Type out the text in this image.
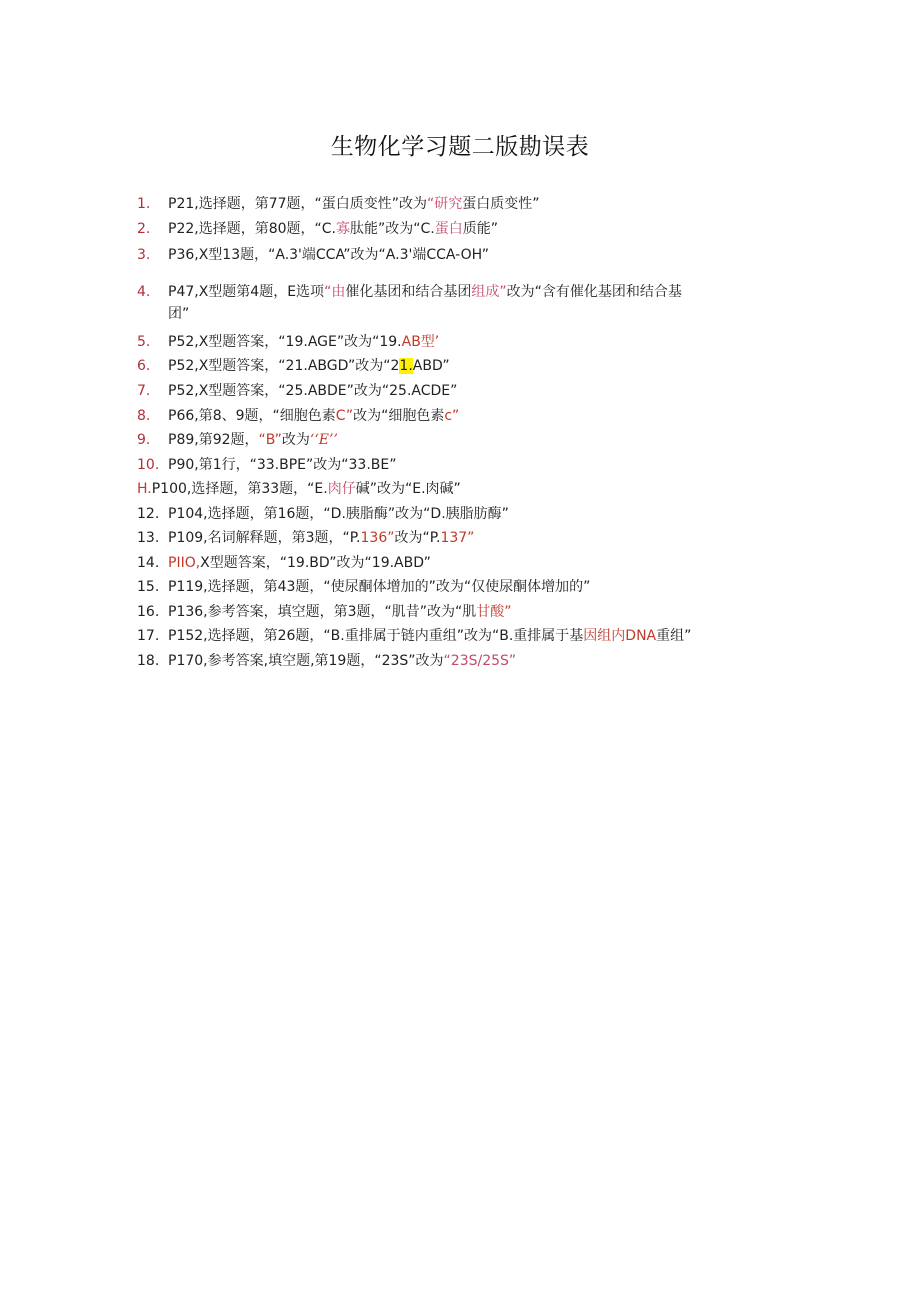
生物化学习题二版勘误表
1. P21,选择题，第77题，“蛋白质变性”改为“研究蛋白质变性”
2. P22,选择题，第80题，“C.寡肽能”改为“C.蛋白质能”
3. P36,X型13题，“A.3'端CCA”改为“A.3'端CCA-OH”
4. P47,X型题第4题，E选项“由催化基团和结合基团组成”改为“含有催化基团和结合基
团”
5. P52,X型题答案，“19.AGE”改为“19.AB型’
6. P52,X型题答案，“21.ABGD”改为“21.ABD”
7. P52,X型题答案，“25.ABDE”改为“25.ACDE”
8. P66,第8、9题，“细胞色素C”改为“细胞色素c”
9. P89,第92题，“B”改为‘‘E’’
10. P90,第1行，“33.BPE”改为“33.BE”
H.P100,选择题，第33题，“E.肉仔碱”改为“E.肉碱”
12. P104,选择题，第16题，“D.胰脂酶”改为“D.胰脂肪酶”
13. P109,名词解释题，第3题，“P.136”改为“P.137”
14. PIIO,X型题答案，“19.BD”改为“19.ABD”
15. P119,选择题，第43题，“使尿酮体增加的”改为“仅使尿酮体增加的”
16. P136,参考答案，填空题，第3题，“肌昔”改为“肌甘酸”
17. P152,选择题，第26题，“B.重排属于链内重组”改为“B.重排属于基因组内DNA重组”
18. P170,参考答案,填空题,第19题，“23S”改为“23S/25S”
